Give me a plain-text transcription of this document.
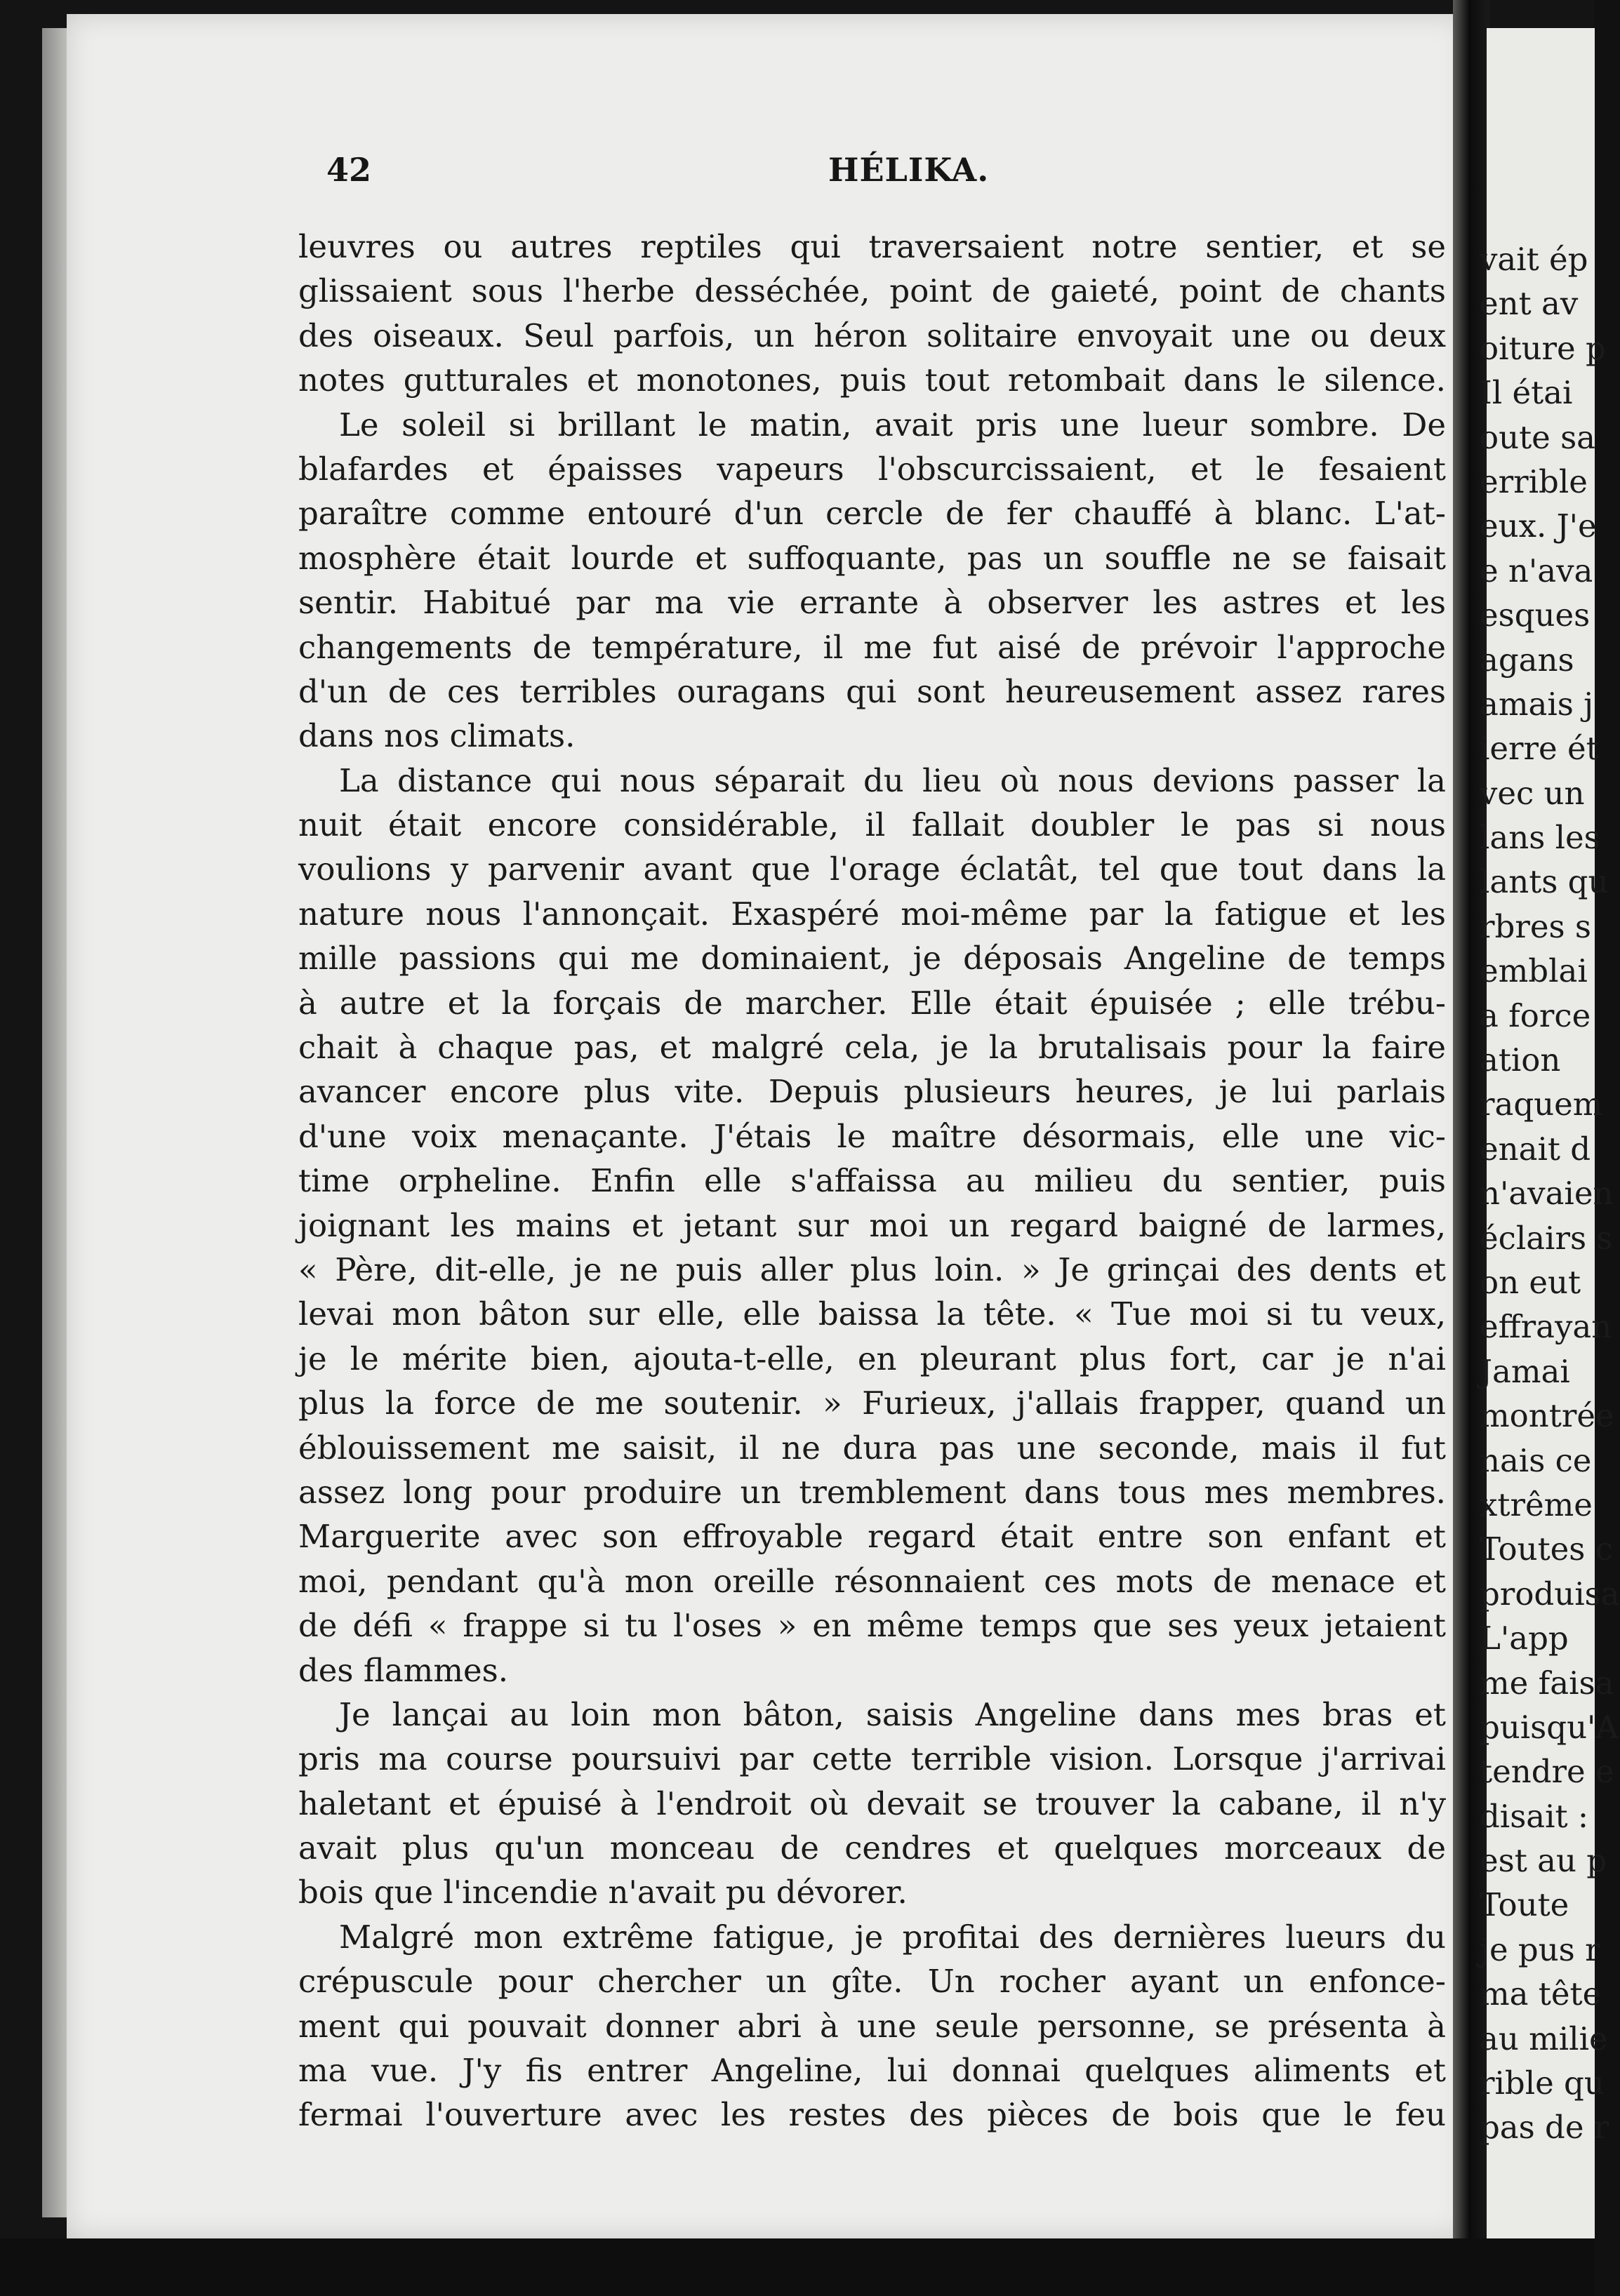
42	HÉLIKA.
leuvres ou autres reptiles qui traversaient notre sentier, et se
glissaient sous l'herbe desséchée, point de gaieté, point de chants
des oiseaux. Seul parfois, un héron solitaire envoyait une ou deux
notes gutturales et monotones, puis tout retombait dans le silence.
Le soleil si brillant le matin, avait pris une lueur sombre. De
blafardes et épaisses vapeurs l'obscurcissaient, et le fesaient
paraître comme entouré d'un cercle de fer chauffé à blanc. L'at-
mosphère était lourde et suffoquante, pas un souffle ne se faisait
sentir. Habitué par ma vie errante à observer les astres et les
changements de température, il me fut aisé de prévoir l'approche
d'un de ces terribles ouragans qui sont heureusement assez rares
dans nos climats.
La distance qui nous séparait du lieu où nous devions passer la
nuit était encore considérable, il fallait doubler le pas si nous
voulions y parvenir avant que l'orage éclatât, tel que tout dans la
nature nous l'annonçait. Exaspéré moi-même par la fatigue et les
mille passions qui me dominaient, je déposais Angeline de temps
à autre et la forçais de marcher. Elle était épuisée ; elle trébu-
chait à chaque pas, et malgré cela, je la brutalisais pour la faire
avancer encore plus vite. Depuis plusieurs heures, je lui parlais
d'une voix menaçante. J'étais le maître désormais, elle une vic-
time orpheline. Enfin elle s'affaissa au milieu du sentier, puis
joignant les mains et jetant sur moi un regard baigné de larmes,
« Père, dit-elle, je ne puis aller plus loin. » Je grinçai des dents et
levai mon bâton sur elle, elle baissa la tête. « Tue moi si tu veux,
je le mérite bien, ajouta-t-elle, en pleurant plus fort, car je n'ai
plus la force de me soutenir. » Furieux, j'allais frapper, quand un
éblouissement me saisit, il ne dura pas une seconde, mais il fut
assez long pour produire un tremblement dans tous mes membres.
Marguerite avec son effroyable regard était entre son enfant et
moi, pendant qu'à mon oreille résonnaient ces mots de menace et
de défi « frappe si tu l'oses » en même temps que ses yeux jetaient
des flammes.
Je lançai au loin mon bâton, saisis Angeline dans mes bras et
pris ma course poursuivi par cette terrible vision. Lorsque j'arrivai
haletant et épuisé à l'endroit où devait se trouver la cabane, il n'y
avait plus qu'un monceau de cendres et quelques morceaux de
bois que l'incendie n'avait pu dévorer.
Malgré mon extrême fatigue, je profitai des dernières lueurs du
crépuscule pour chercher un gîte. Un rocher ayant un enfonce-
ment qui pouvait donner abri à une seule personne, se présenta à
ma vue. J'y fis entrer Angeline, lui donnai quelques aliments et
fermai l'ouverture avec les restes des pièces de bois que le feu
vait ép
ent av
oiture p
Il étai
oute sa
errible
eux. J'e
e n'ava
esques
agans
amais j
ierre ét
vec un
lans les
lants qu
rbres s
emblai
a force
ation
raquem
enait d
n'avaien
éclairs s
on eut
effrayan
Jamai
montrée
nais ce
xtrême
Toutes c
produisa
L'app
me faisa
puisqu'A
tendre e
disait :
est au p
Toute
je pus r
ma tête
au milie
rible qu
pas de r
